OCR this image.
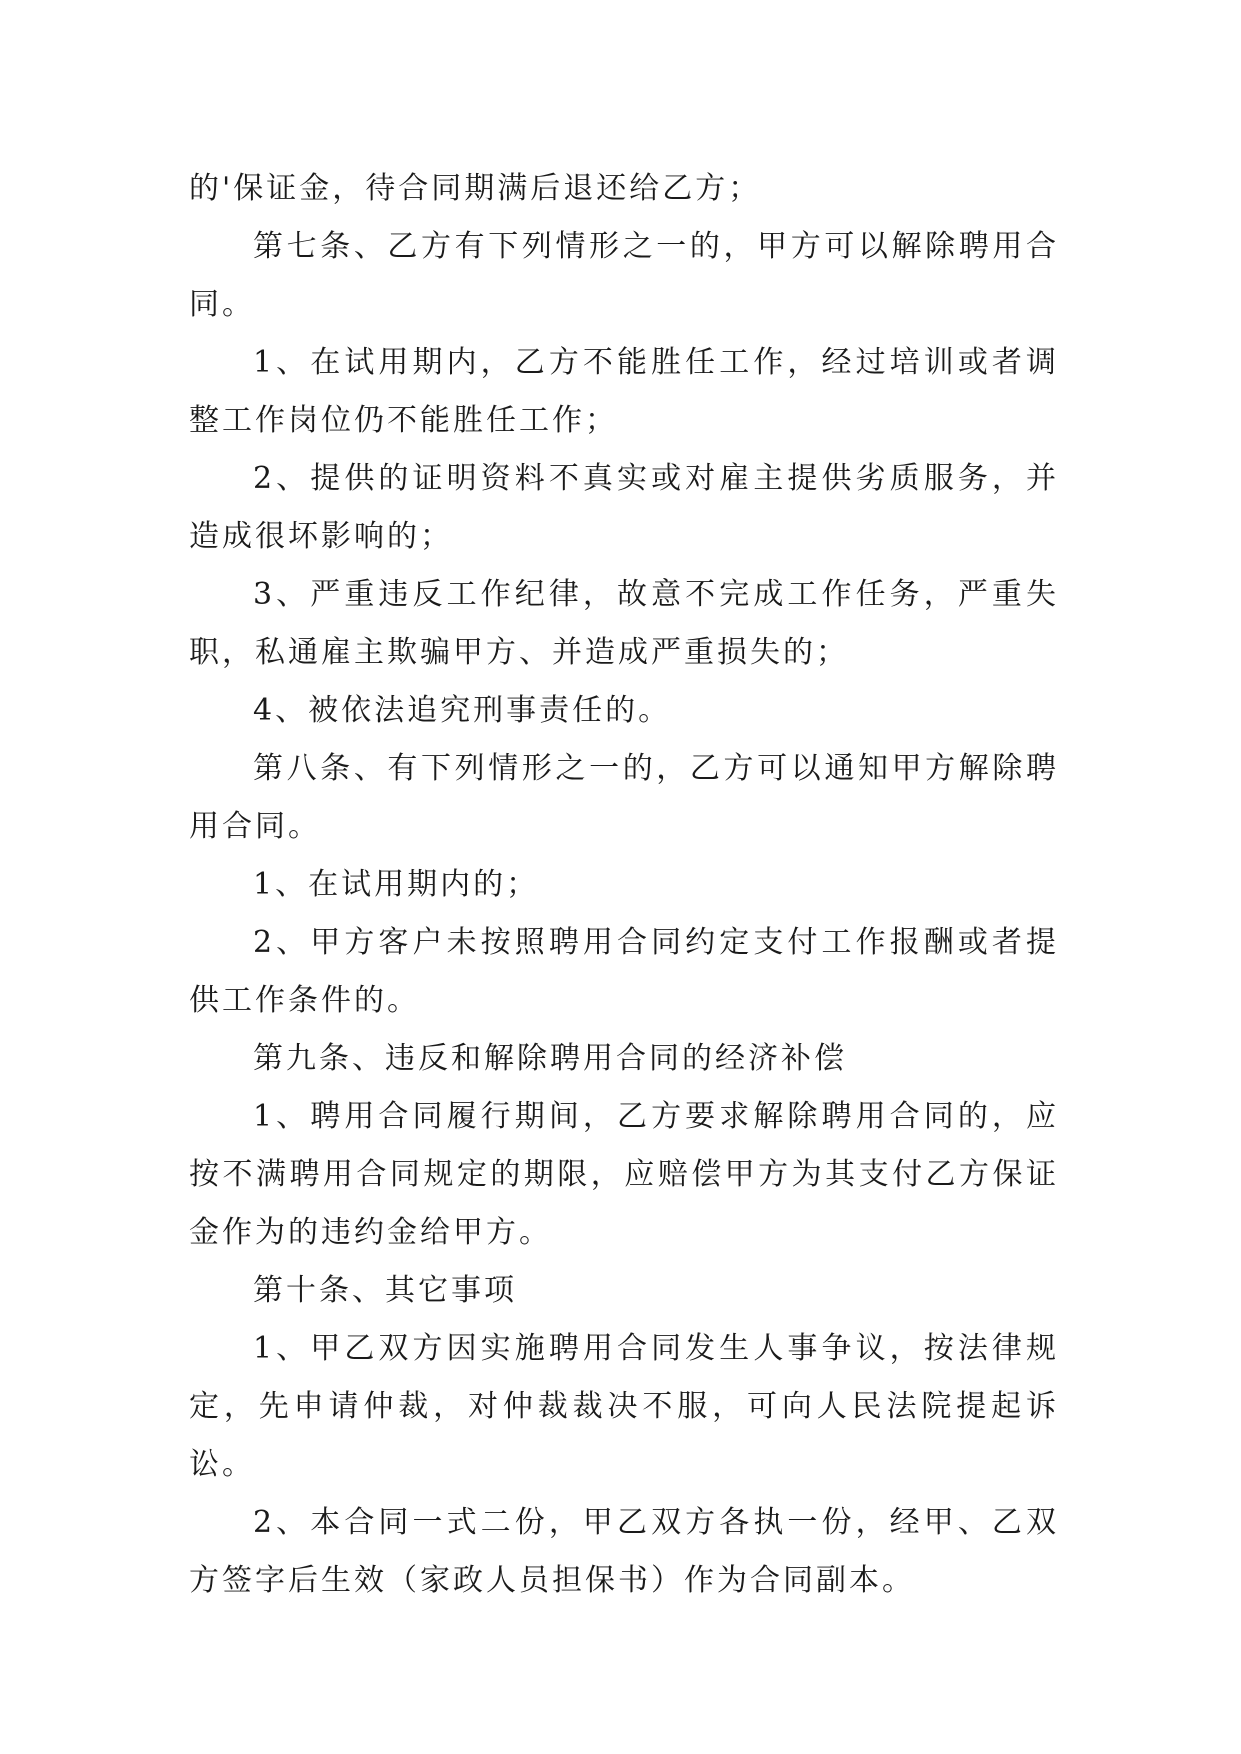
的'保证金，待合同期满后退还给乙方；

第七条、乙方有下列情形之一的，甲方可以解除聘用合同。

1、在试用期内，乙方不能胜任工作，经过培训或者调整工作岗位仍不能胜任工作；

2、提供的证明资料不真实或对雇主提供劣质服务，并造成很坏影响的；

3、严重违反工作纪律，故意不完成工作任务，严重失职，私通雇主欺骗甲方、并造成严重损失的；

4、被依法追究刑事责任的。

第八条、有下列情形之一的，乙方可以通知甲方解除聘用合同。

1、在试用期内的；

2、甲方客户未按照聘用合同约定支付工作报酬或者提供工作条件的。

第九条、违反和解除聘用合同的经济补偿

1、聘用合同履行期间，乙方要求解除聘用合同的，应按不满聘用合同规定的期限，应赔偿甲方为其支付乙方保证金作为的违约金给甲方。

第十条、其它事项

1、甲乙双方因实施聘用合同发生人事争议，按法律规定，先申请仲裁，对仲裁裁决不服，可向人民法院提起诉讼。

2、本合同一式二份，甲乙双方各执一份，经甲、乙双方签字后生效（家政人员担保书）作为合同副本。
